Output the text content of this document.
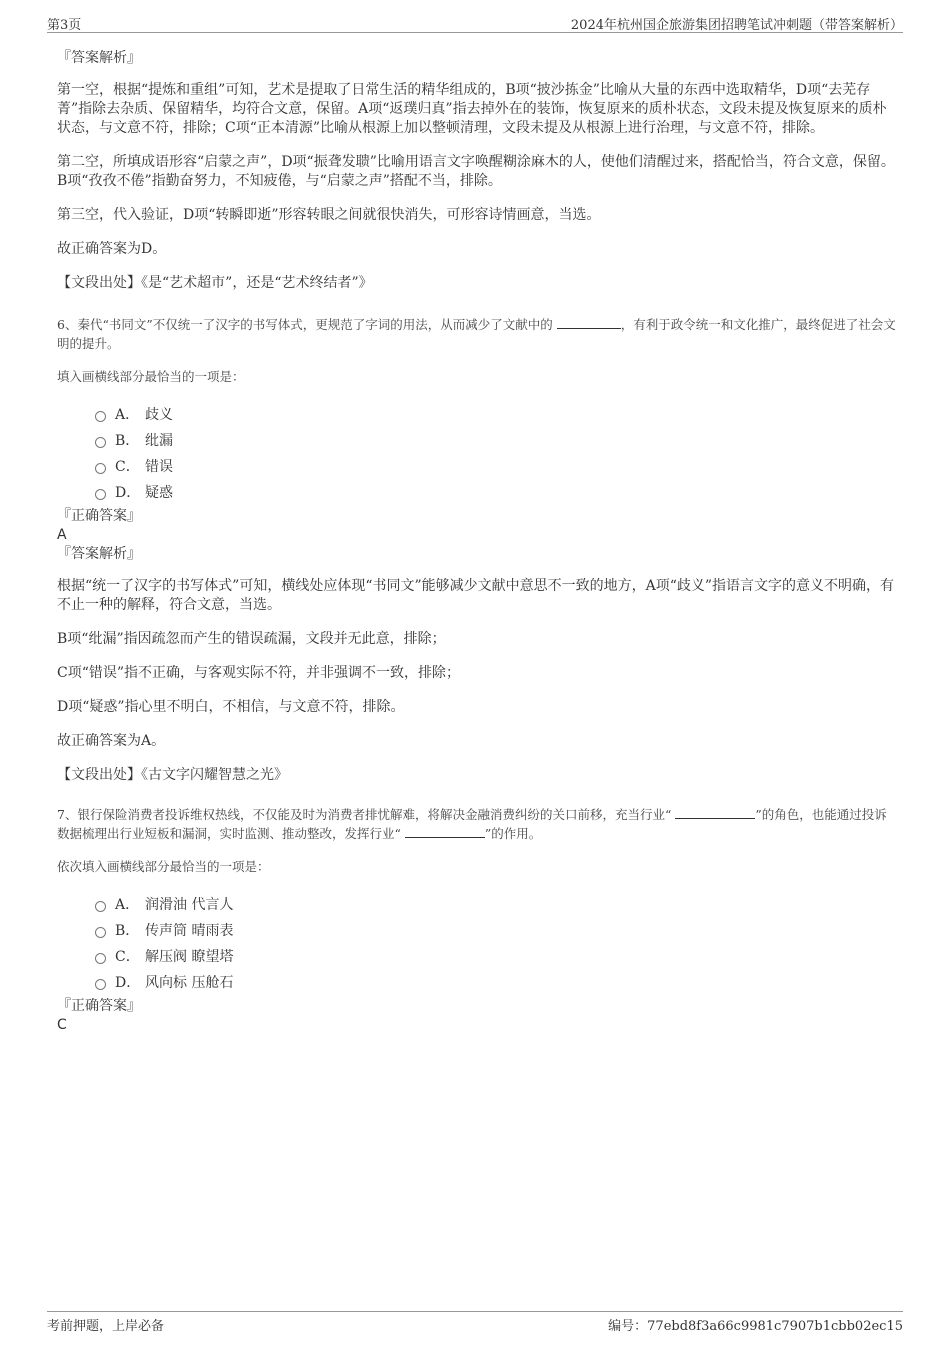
第3页	2024年杭州国企旅游集团招聘笔试冲刺题（带答案解析）

『答案解析』

第一空，根据“提炼和重组”可知，艺术是提取了日常生活的精华组成的，B项“披沙拣金”比喻从大量的东西中选取精华，D项“去芜存菁”指除去杂质、保留精华，均符合文意，保留。A项“返璞归真”指去掉外在的装饰，恢复原来的质朴状态，文段未提及恢复原来的质朴状态，与文意不符，排除；C项“正本清源”比喻从根源上加以整顿清理，文段未提及从根源上进行治理，与文意不符，排除。

第二空，所填成语形容“启蒙之声”，D项“振聋发聩”比喻用语言文字唤醒糊涂麻木的人，使他们清醒过来，搭配恰当，符合文意，保留。B项“孜孜不倦”指勤奋努力，不知疲倦，与“启蒙之声”搭配不当，排除。

第三空，代入验证，D项“转瞬即逝”形容转眼之间就很快消失，可形容诗情画意，当选。

故正确答案为D。

【文段出处】《是“艺术超市”，还是“艺术终结者”》

6、秦代“书同文”不仅统一了汉字的书写体式，更规范了字词的用法，从而减少了文献中的	，有利于政令统一和文化推广，最终促进了社会文明的提升。

填入画横线部分最恰当的一项是：

A． 歧义
B． 纰漏
C． 错误
D． 疑惑

『正确答案』

A

『答案解析』

根据“统一了汉字的书写体式”可知，横线处应体现“书同文”能够减少文献中意思不一致的地方，A项“歧义”指语言文字的意义不明确，有不止一种的解释，符合文意，当选。

B项“纰漏”指因疏忽而产生的错误疏漏，文段并无此意，排除；

C项“错误”指不正确，与客观实际不符，并非强调不一致，排除；

D项“疑惑”指心里不明白，不相信，与文意不符，排除。

故正确答案为A。

【文段出处】《古文字闪耀智慧之光》

7、银行保险消费者投诉维权热线，不仅能及时为消费者排忧解难，将解决金融消费纠纷的关口前移，充当行业“	”的角色，也能通过投诉数据梳理出行业短板和漏洞，实时监测、推动整改，发挥行业“	”的作用。

依次填入画横线部分最恰当的一项是：

A． 润滑油 代言人
B． 传声筒 晴雨表
C． 解压阀 瞭望塔
D． 风向标 压舱石

『正确答案』

C

考前押题，上岸必备	编号：77ebd8f3a66c9981c7907b1cbb02ec15
